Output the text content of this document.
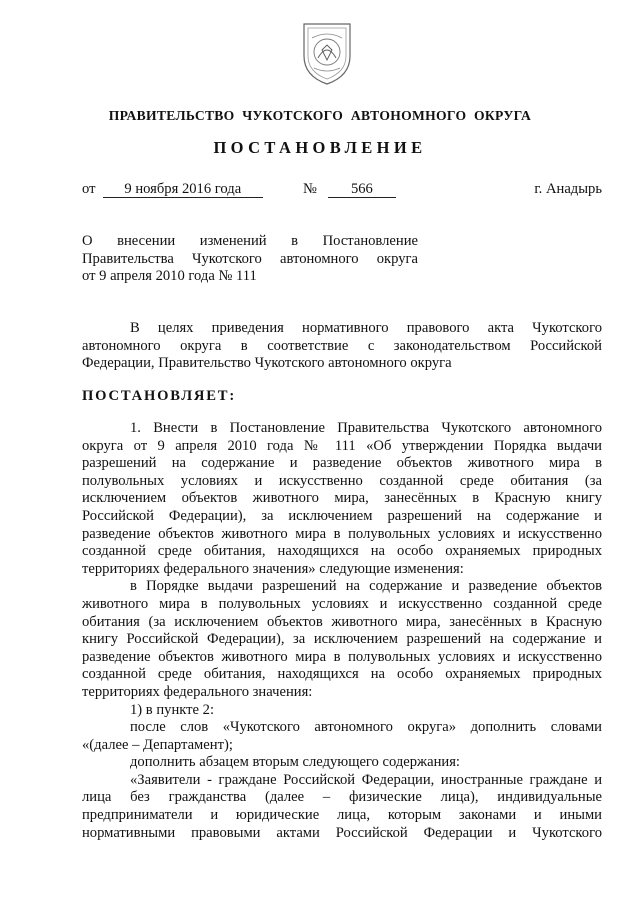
ПРАВИТЕЛЬСТВО ЧУКОТСКОГО АВТОНОМНОГО ОКРУГА
ПОСТАНОВЛЕНИЕ
от 9 ноября 2016 года	№ 566	г. Анадырь
О внесении изменений в Постановление
Правительства Чукотского автономного округа
от 9 апреля 2010 года № 111
В целях приведения нормативного правового акта Чукотского
автономного округа в соответствие с законодательством Российской
Федерации, Правительство Чукотского автономного округа
ПОСТАНОВЛЯЕТ:
1. Внести в Постановление Правительства Чукотского автономного
округа от 9 апреля 2010 года № 111 «Об утверждении Порядка выдачи
разрешений на содержание и разведение объектов животного мира в
полувольных условиях и искусственно созданной среде обитания (за
исключением объектов животного мира, занесённых в Красную книгу
Российской Федерации), за исключением разрешений на содержание и
разведение объектов животного мира в полувольных условиях и искусственно
созданной среде обитания, находящихся на особо охраняемых природных
территориях федерального значения» следующие изменения:
в Порядке выдачи разрешений на содержание и разведение объектов
животного мира в полувольных условиях и искусственно созданной среде
обитания (за исключением объектов животного мира, занесённых в Красную
книгу Российской Федерации), за исключением разрешений на содержание и
разведение объектов животного мира в полувольных условиях и искусственно
созданной среде обитания, находящихся на особо охраняемых природных
территориях федерального значения:
1) в пункте 2:
после слов «Чукотского автономного округа» дополнить словами
«(далее – Департамент);
дополнить абзацем вторым следующего содержания:
«Заявители - граждане Российской Федерации, иностранные граждане и
лица без гражданства (далее – физические лица), индивидуальные
предприниматели и юридические лица, которым законами и иными
нормативными правовыми актами Российской Федерации и Чукотского
